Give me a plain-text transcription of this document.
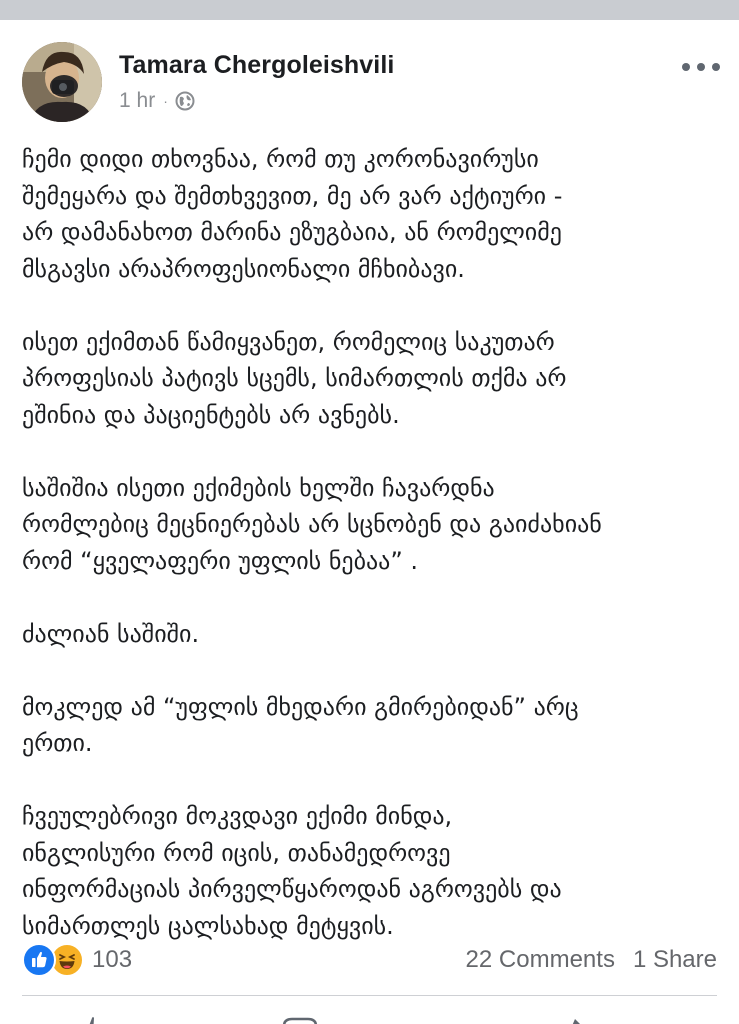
Tamara Chergoleishvili
1 hr ·

ჩემი დიდი თხოვნაა, რომ თუ კორონავირუსი
შემეყარა და შემთხვევით, მე არ ვარ აქტიური -
არ დამანახოთ მარინა ეზუგბაია, ან რომელიმე
მსგავსი არაპროფესიონალი მჩხიბავი.

ისეთ ექიმთან წამიყვანეთ, რომელიც საკუთარ
პროფესიას პატივს სცემს, სიმართლის თქმა არ
ეშინია და პაციენტებს არ ავნებს.

საშიშია ისეთი ექიმების ხელში ჩავარდნა
რომლებიც მეცნიერებას არ სცნობენ და გაიძახიან
რომ “ყველაფერი უფლის ნებაა” .

ძალიან საშიში.

მოკლედ ამ “უფლის მხედარი გმირებიდან” არც
ერთი.

ჩვეულებრივი მოკვდავი ექიმი მინდა,
ინგლისური რომ იცის, თანამედროვე
ინფორმაციას პირველწყაროდან აგროვებს და
სიმართლეს ცალსახად მეტყვის.

103	22 Comments 1 Share
